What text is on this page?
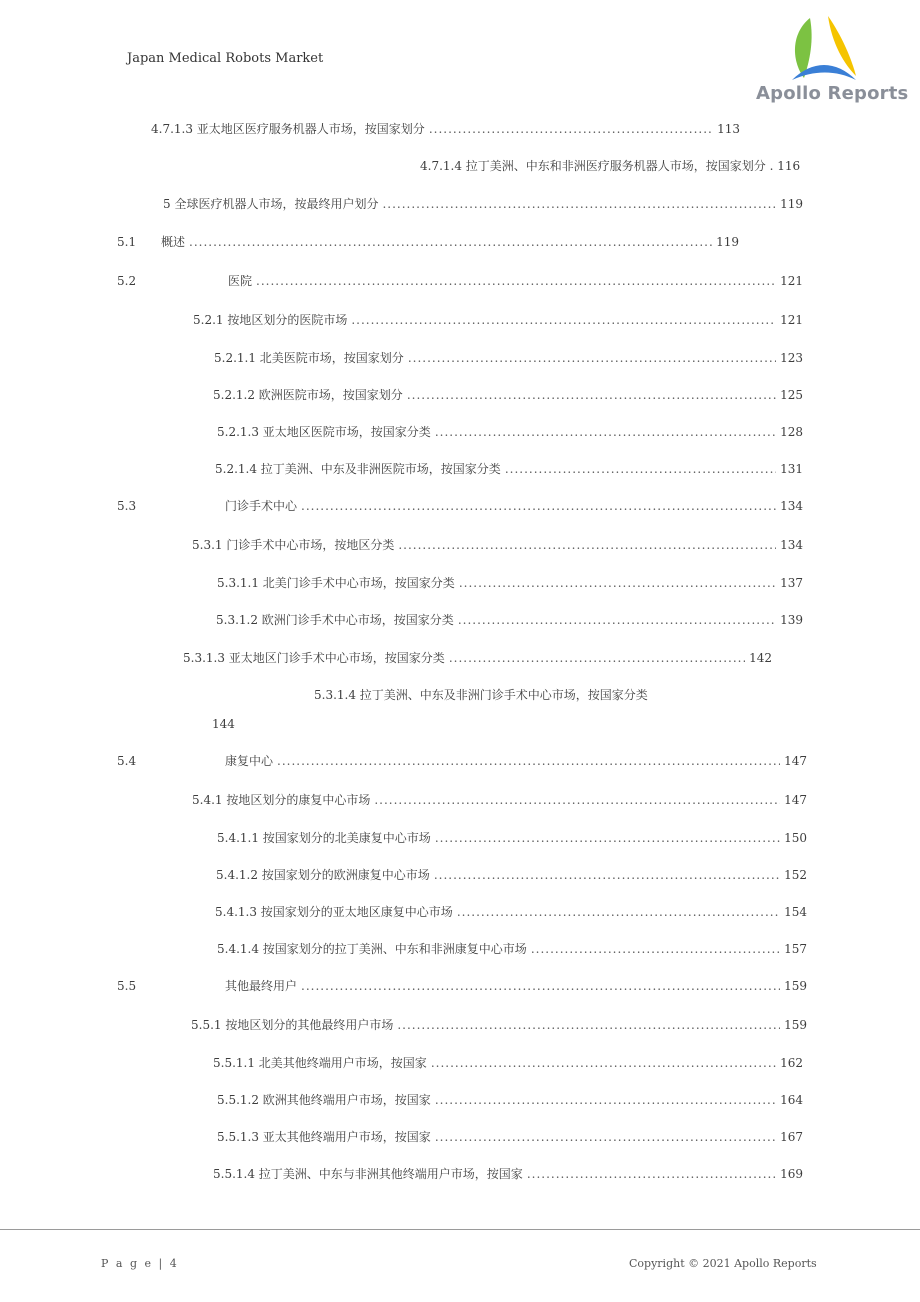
Japan Medical Robots Market
Apollo Reports
4.7.1.3 亚太地区医疗服务机器人市场，按国家划分 .....	113
4.7.1.4 拉丁美洲、中东和非洲医疗服务机器人市场，按国家划分 . 116
5 全球医疗机器人市场，按最终用户划分 .....	119
5.1 概述 .....	119
5.2	医院 .....	121
5.2.1 按地区划分的医院市场 .....	121
5.2.1.1 北美医院市场，按国家划分 .....	123
5.2.1.2 欧洲医院市场，按国家划分 .....	125
5.2.1.3 亚太地区医院市场，按国家分类 .....	128
5.2.1.4 拉丁美洲、中东及非洲医院市场，按国家分类 .....	131
5.3	门诊手术中心 .....	134
5.3.1 门诊手术中心市场，按地区分类 .....	134
5.3.1.1 北美门诊手术中心市场，按国家分类 .....	137
5.3.1.2 欧洲门诊手术中心市场，按国家分类 .....	139
5.3.1.3 亚太地区门诊手术中心市场，按国家分类 .....	142
5.3.1.4 拉丁美洲、中东及非洲门诊手术中心市场，按国家分类
144
5.4	康复中心 .....	147
5.4.1 按地区划分的康复中心市场 .....	147
5.4.1.1 按国家划分的北美康复中心市场 .....	150
5.4.1.2 按国家划分的欧洲康复中心市场 .....	152
5.4.1.3 按国家划分的亚太地区康复中心市场 .....	154
5.4.1.4 按国家划分的拉丁美洲、中东和非洲康复中心市场 .....	157
5.5	其他最终用户 .....	159
5.5.1 按地区划分的其他最终用户市场 .....	159
5.5.1.1 北美其他终端用户市场，按国家 .....	162
5.5.1.2 欧洲其他终端用户市场，按国家 .....	164
5.5.1.3 亚太其他终端用户市场，按国家 .....	167
5.5.1.4 拉丁美洲、中东与非洲其他终端用户市场，按国家 .....	169
P a g e | 4	Copyright © 2021 Apollo Reports
